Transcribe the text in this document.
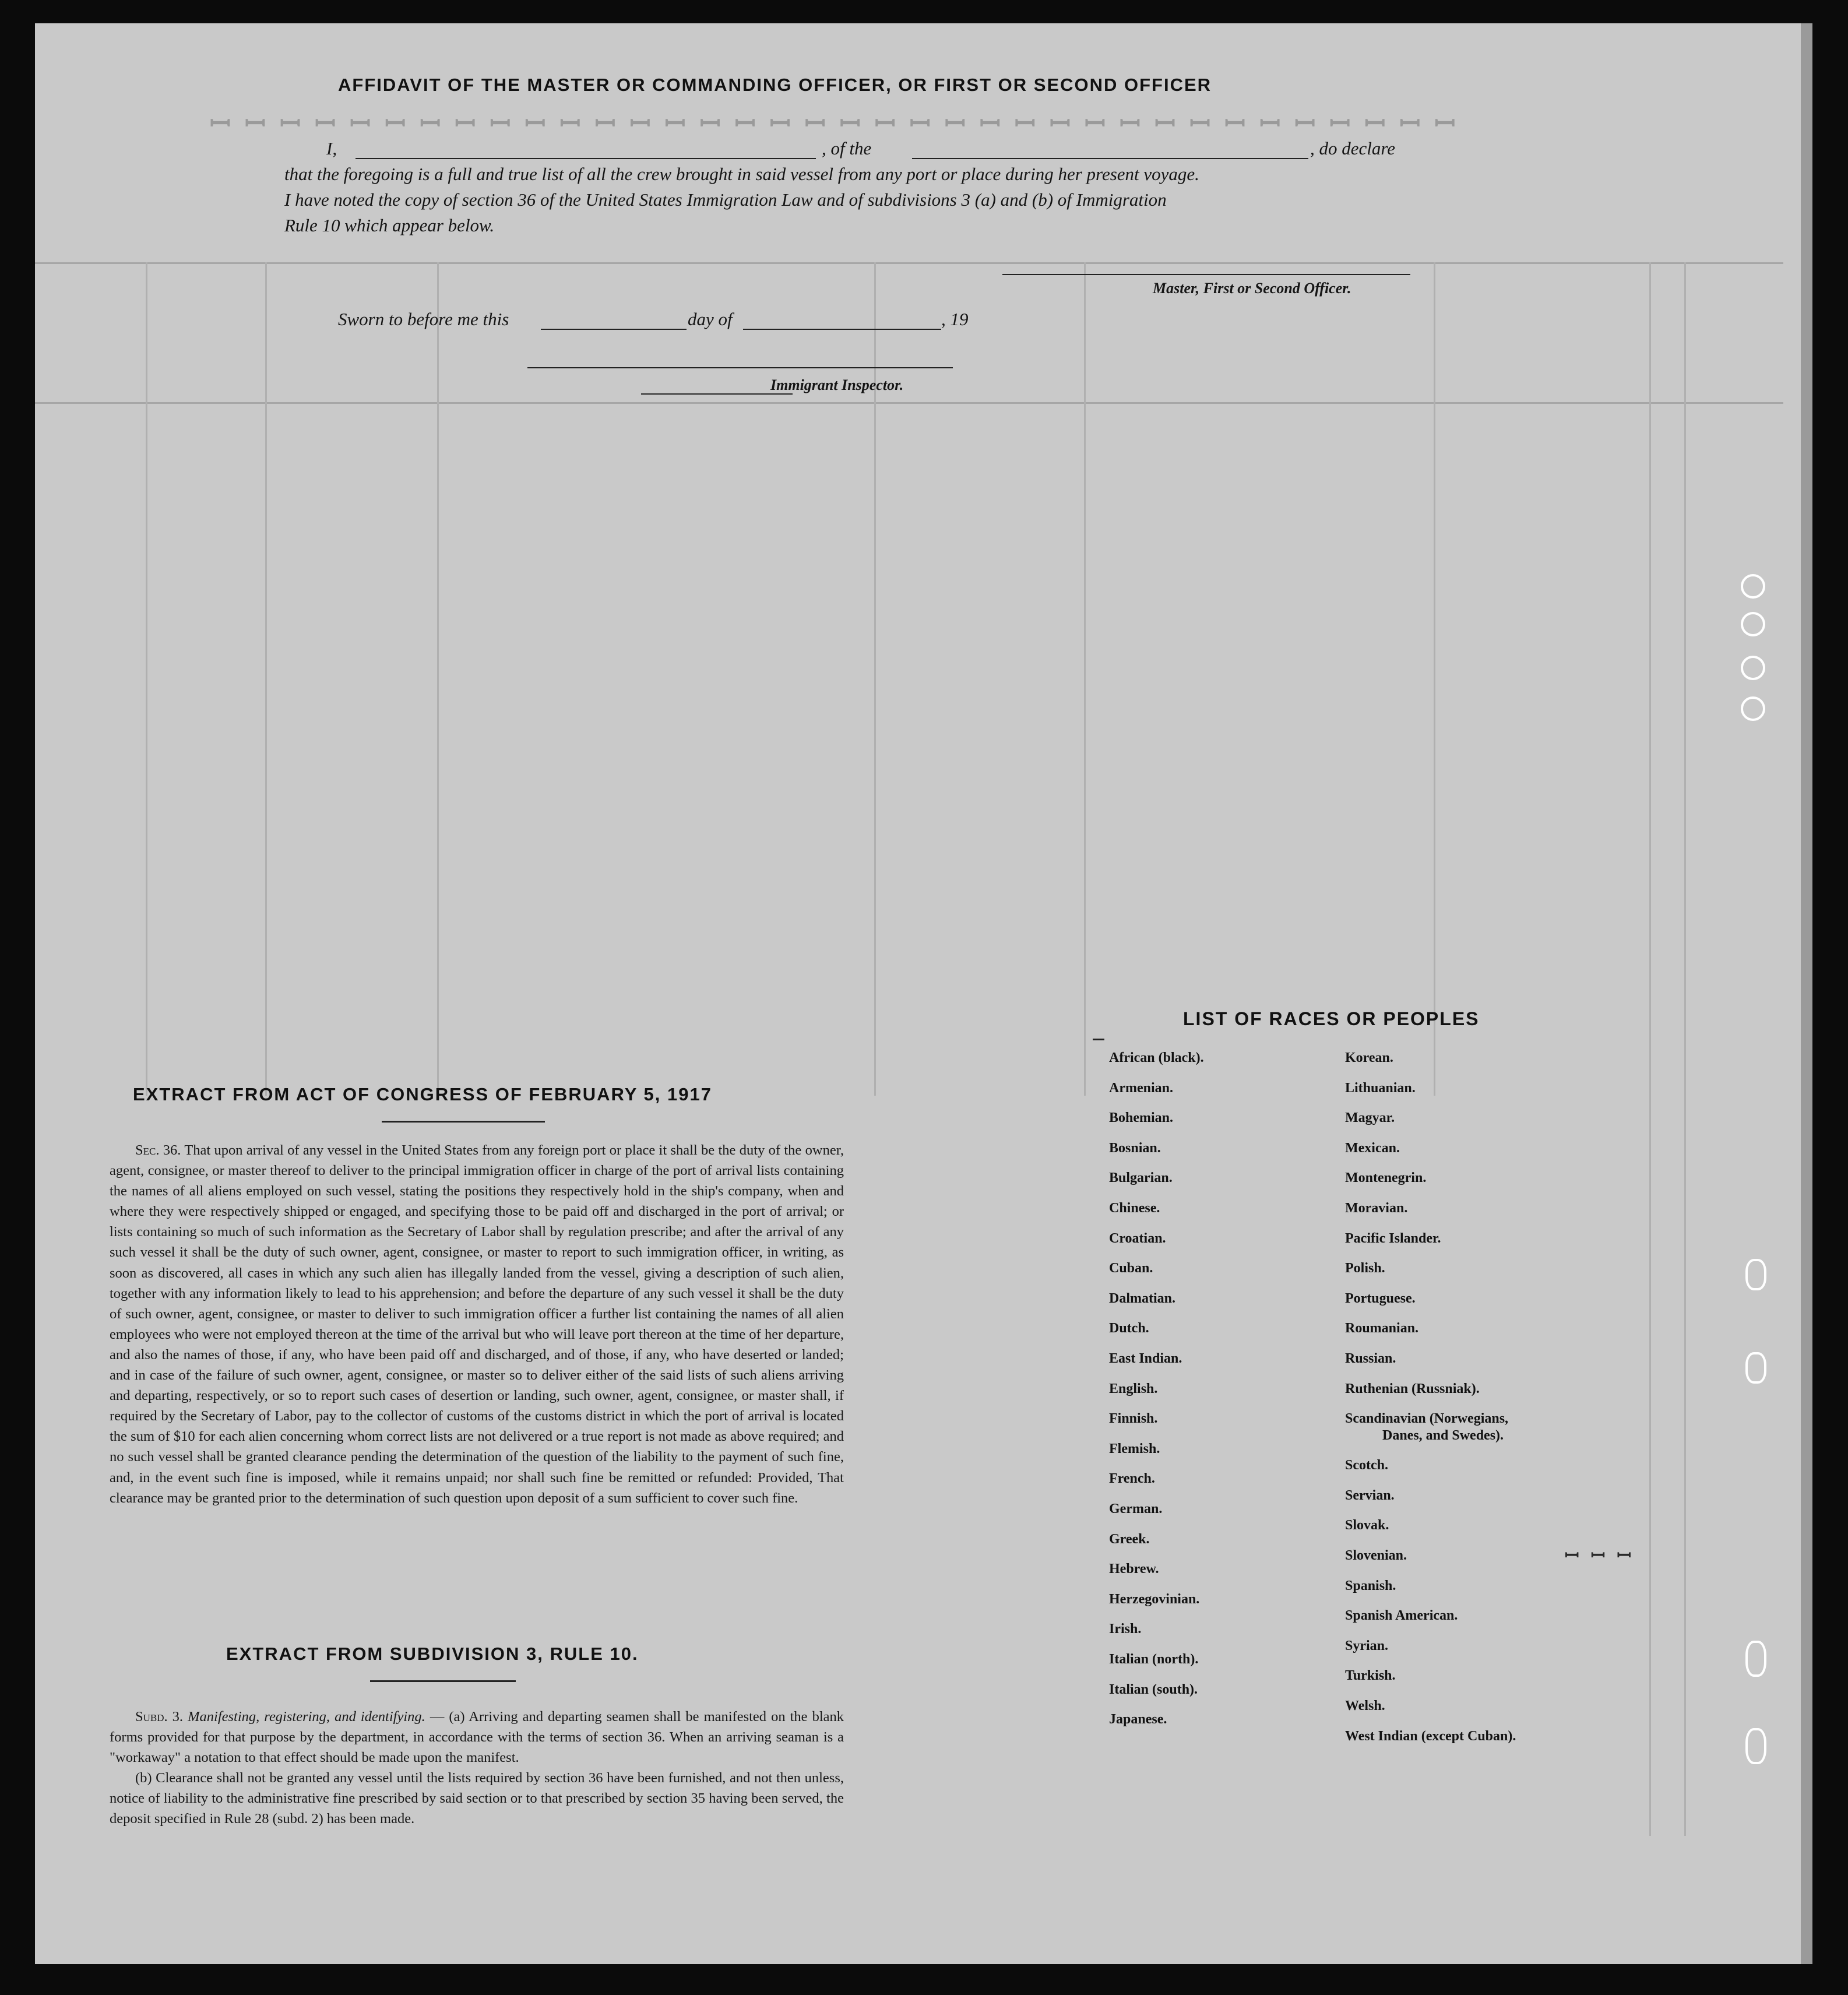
ꟷ ꟷ ꟷ ꟷ ꟷ ꟷ ꟷ ꟷ ꟷ ꟷ ꟷ ꟷ ꟷ ꟷ ꟷ ꟷ ꟷ ꟷ ꟷ ꟷ ꟷ ꟷ ꟷ ꟷ ꟷ ꟷ ꟷ ꟷ ꟷ ꟷ ꟷ ꟷ ꟷ ꟷ ꟷ ꟷ
AFFIDAVIT OF THE MASTER OR COMMANDING OFFICER, OR FIRST OR SECOND OFFICER
I,	, of the	, do declare
that the foregoing is a full and true list of all the crew brought in said vessel from any port or place during her present voyage.
I have noted the copy of section 36 of the United States Immigration Law and of subdivisions 3 (a) and (b) of Immigration
Rule 10 which appear below.
Master, First or Second Officer.
Sworn to before me this	day of	, 19
Immigrant Inspector.
EXTRACT FROM ACT OF CONGRESS OF FEBRUARY 5, 1917

Sec. 36. That upon arrival of any vessel in the United States from any foreign port or place it shall be the duty of the owner, agent, consignee, or master thereof to deliver to the principal immigration officer in charge of the port of arrival lists containing the names of all aliens employed on such vessel, stating the positions they respectively hold in the ship's company, when and where they were respectively shipped or engaged, and specifying those to be paid off and discharged in the port of arrival; or lists containing so much of such information as the Secretary of Labor shall by regulation prescribe; and after the arrival of any such vessel it shall be the duty of such owner, agent, consignee, or master to report to such immigration officer, in writing, as soon as discovered, all cases in which any such alien has illegally landed from the vessel, giving a description of such alien, together with any information likely to lead to his apprehension; and before the departure of any such vessel it shall be the duty of such owner, agent, consignee, or master to deliver to such immigration officer a further list containing the names of all alien employees who were not employed thereon at the time of the arrival but who will leave port thereon at the time of her departure, and also the names of those, if any, who have been paid off and discharged, and of those, if any, who have deserted or landed; and in case of the failure of such owner, agent, consignee, or master so to deliver either of the said lists of such aliens arriving and departing, respectively, or so to report such cases of desertion or landing, such owner, agent, consignee, or master shall, if required by the Secretary of Labor, pay to the collector of customs of the customs district in which the port of arrival is located the sum of $10 for each alien concerning whom correct lists are not delivered or a true report is not made as above required; and no such vessel shall be granted clearance pending the determination of the question of the liability to the payment of such fine, and, in the event such fine is imposed, while it remains unpaid; nor shall such fine be remitted or refunded: Provided, That clearance may be granted prior to the determination of such question upon deposit of a sum sufficient to cover such fine.

EXTRACT FROM SUBDIVISION 3, RULE 10.

Subd. 3. Manifesting, registering, and identifying. — (a) Arriving and departing seamen shall be manifested on the blank forms provided for that purpose by the department, in accordance with the terms of section 36. When an arriving seaman is a "workaway" a notation to that effect should be made upon the manifest.

(b) Clearance shall not be granted any vessel until the lists required by section 36 have been furnished, and not then unless, notice of liability to the administrative fine prescribed by said section or to that prescribed by section 35 having been served, the deposit specified in Rule 28 (subd. 2) has been made.

LIST OF RACES OR PEOPLES
ꟷ ꟷ ꟷ
African (black).
Armenian.
Bohemian.
Bosnian.
Bulgarian.
Chinese.
Croatian.
Cuban.
Dalmatian.
Dutch.
East Indian.
English.
Finnish.
Flemish.
French.
German.
Greek.
Hebrew.
Herzegovinian.
Irish.
Italian (north).
Italian (south).
Japanese.
Korean.
Lithuanian.
Magyar.
Mexican.
Montenegrin.
Moravian.
Pacific Islander.
Polish.
Portuguese.
Roumanian.
Russian.
Ruthenian (Russniak).
Scandinavian (Norwegians,
Danes, and Swedes).
Scotch.
Servian.
Slovak.
Slovenian.
Spanish.
Spanish American.
Syrian.
Turkish.
Welsh.
West Indian (except Cuban).
